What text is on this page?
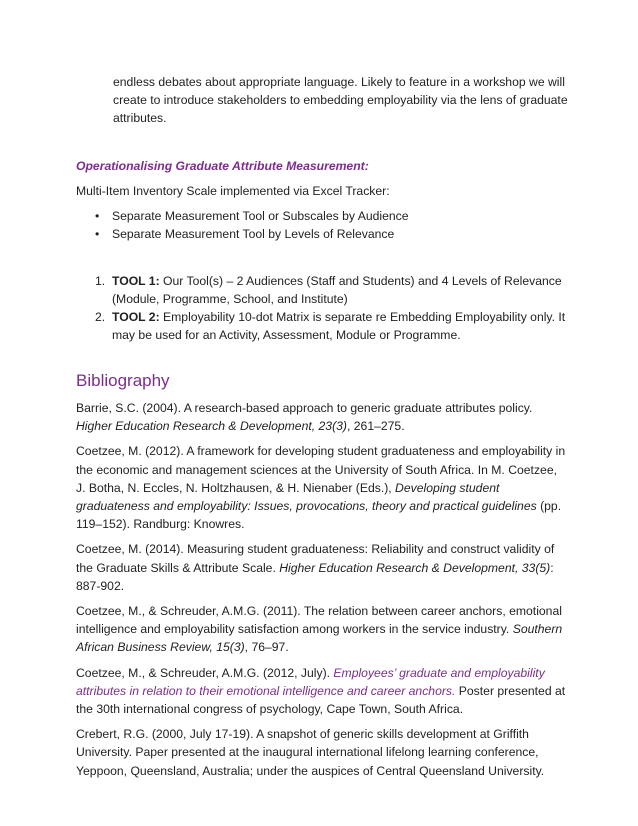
endless debates about appropriate language. Likely to feature in a workshop we will create to introduce stakeholders to embedding employability via the lens of graduate attributes.

Operationalising Graduate Attribute Measurement:
Multi-Item Inventory Scale implemented via Excel Tracker:
• Separate Measurement Tool or Subscales by Audience
• Separate Measurement Tool by Levels of Relevance
1. TOOL 1: Our Tool(s) – 2 Audiences (Staff and Students) and 4 Levels of Relevance (Module, Programme, School, and Institute)
2. TOOL 2: Employability 10-dot Matrix is separate re Embedding Employability only. It may be used for an Activity, Assessment, Module or Programme.
Bibliography

Barrie, S.C. (2004). A research-based approach to generic graduate attributes policy. Higher Education Research & Development, 23(3), 261–275.

Coetzee, M. (2012). A framework for developing student graduateness and employability in the economic and management sciences at the University of South Africa. In M. Coetzee, J. Botha, N. Eccles, N. Holtzhausen, & H. Nienaber (Eds.), Developing student graduateness and employability: Issues, provocations, theory and practical guidelines (pp. 119–152). Randburg: Knowres.

Coetzee, M. (2014). Measuring student graduateness: Reliability and construct validity of the Graduate Skills & Attribute Scale. Higher Education Research & Development, 33(5): 887-902.

Coetzee, M., & Schreuder, A.M.G. (2011). The relation between career anchors, emotional intelligence and employability satisfaction among workers in the service industry. Southern African Business Review, 15(3), 76–97.

Coetzee, M., & Schreuder, A.M.G. (2012, July). Employees’ graduate and employability attributes in relation to their emotional intelligence and career anchors. Poster presented at the 30th international congress of psychology, Cape Town, South Africa.

Crebert, R.G. (2000, July 17-19). A snapshot of generic skills development at Griffith University. Paper presented at the inaugural international lifelong learning conference, Yeppoon, Queensland, Australia; under the auspices of Central Queensland University.
